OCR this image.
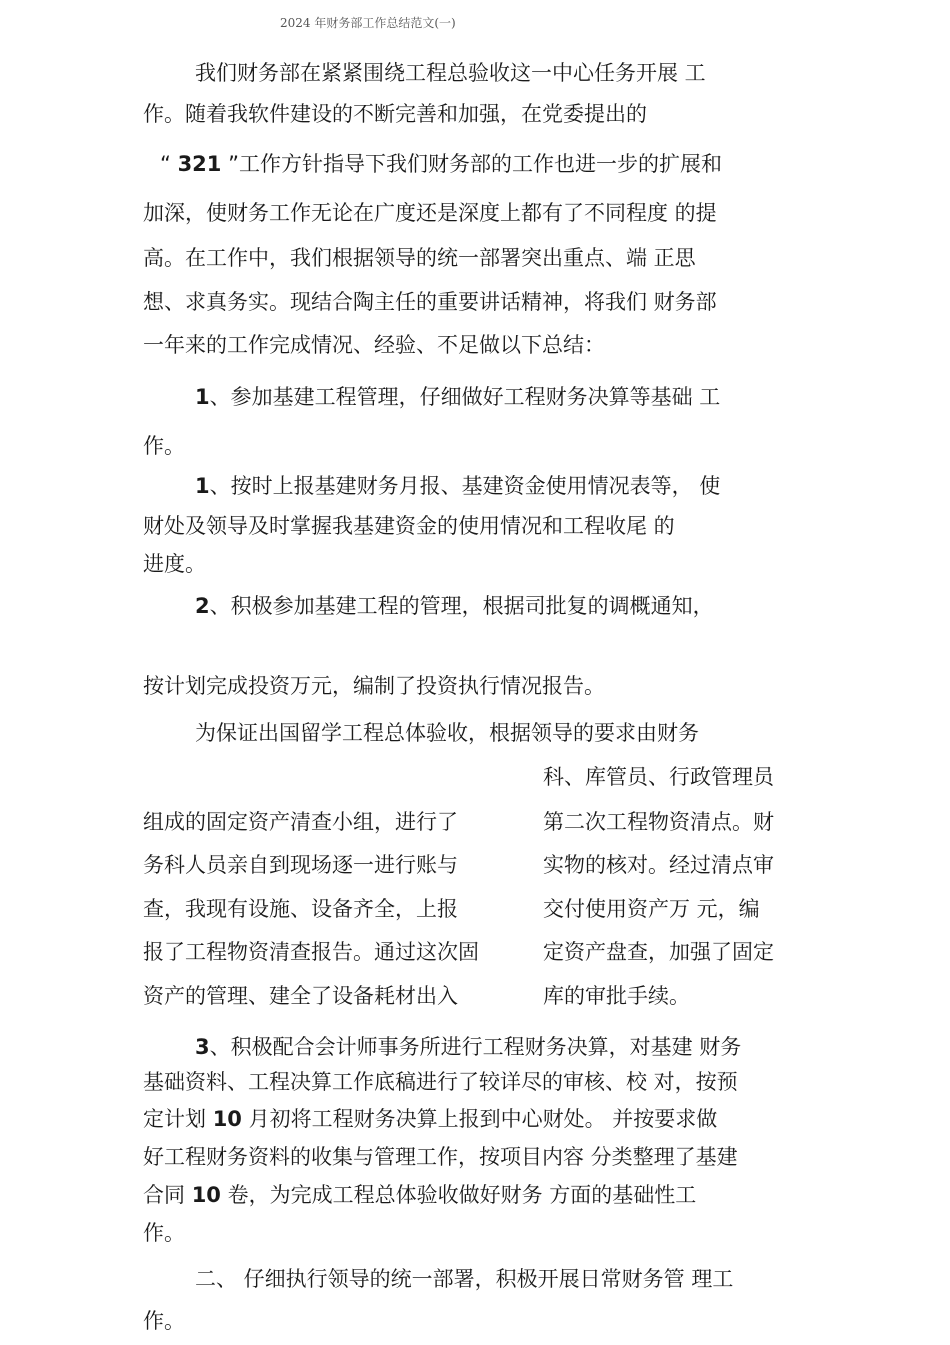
2024 年财务部工作总结范文(一)
我们财务部在紧紧围绕工程总验收这一中心任务开展 工
作。随着我软件建设的不断完善和加强，在党委提出的
“ 321 ”工作方针指导下我们财务部的工作也进一步的扩展和
加深，使财务工作无论在广度还是深度上都有了不同程度 的提
高。在工作中，我们根据领导的统一部署突出重点、端 正思
想、求真务实。现结合陶主任的重要讲话精神，将我们 财务部
一年来的工作完成情况、经验、不足做以下总结：
1、参加基建工程管理，仔细做好工程财务决算等基础 工
作。
1、按时上报基建财务月报、基建资金使用情况表等， 使
财处及领导及时掌握我基建资金的使用情况和工程收尾 的
进度。
2、积极参加基建工程的管理，根据司批复的调概通知，
按计划完成投资万元，编制了投资执行情况报告。
为保证出国留学工程总体验收，根据领导的要求由财务
科、库管员、行政管理员
组成的固定资产清查小组，进行了	第二次工程物资清点。财
务科人员亲自到现场逐一进行账与	实物的核对。经过清点审
查，我现有设施、设备齐全，上报	交付使用资产万 元，编
报了工程物资清查报告。通过这次固	定资产盘查，加强了固定
资产的管理、建全了设备耗材出入	库的审批手续。
3、积极配合会计师事务所进行工程财务决算，对基建 财务
基础资料、工程决算工作底稿进行了较详尽的审核、校 对，按预
定计划 10 月初将工程财务决算上报到中心财处。 并按要求做
好工程财务资料的收集与管理工作，按项目内容 分类整理了基建
合同 10 卷，为完成工程总体验收做好财务 方面的基础性工
作。
二、 仔细执行领导的统一部署，积极开展日常财务管 理工
作。
